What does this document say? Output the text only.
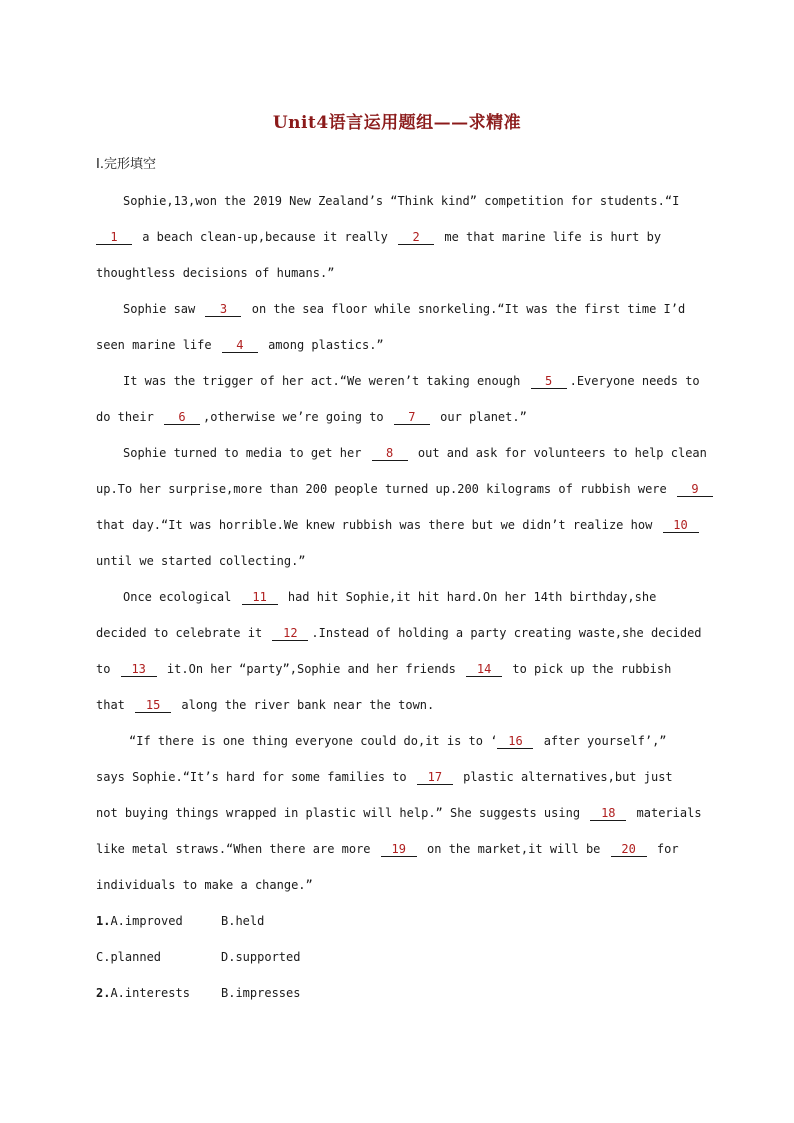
Unit4语言运用题组——求精准
Ⅰ.完形填空
Sophie,13,won the 2019 New Zealand’s “Think kind” competition for students.“I
1 a beach clean-up,because it really 2 me that marine life is hurt by
thoughtless decisions of humans.”
Sophie saw 3 on the sea floor while snorkeling.“It was the first time I’d
seen marine life 4 among plastics.”
It was the trigger of her act.“We weren’t taking enough 5 .Everyone needs to
do their 6 ,otherwise we’re going to 7 our planet.”
Sophie turned to media to get her 8 out and ask for volunteers to help clean
up.To her surprise,more than 200 people turned up.200 kilograms of rubbish were 9
that day.“It was horrible.We knew rubbish was there but we didn’t realize how 10
until we started collecting.”
Once ecological 11 had hit Sophie,it hit hard.On her 14th birthday,she
decided to celebrate it 12 .Instead of holding a party creating waste,she decided
to 13 it.On her “party”,Sophie and her friends 14 to pick up the rubbish
that 15 along the river bank near the town.
“If there is one thing everyone could do,it is to ‘ 16 after yourself’,”
says Sophie.“It’s hard for some families to 17 plastic alternatives,but just
not buying things wrapped in plastic will help.” She suggests using 18 materials
like metal straws.“When there are more 19 on the market,it will be 20 for
individuals to make a change.”
1.A.improved	B.held
C.planned	D.supported
2.A.interests	B.impresses
